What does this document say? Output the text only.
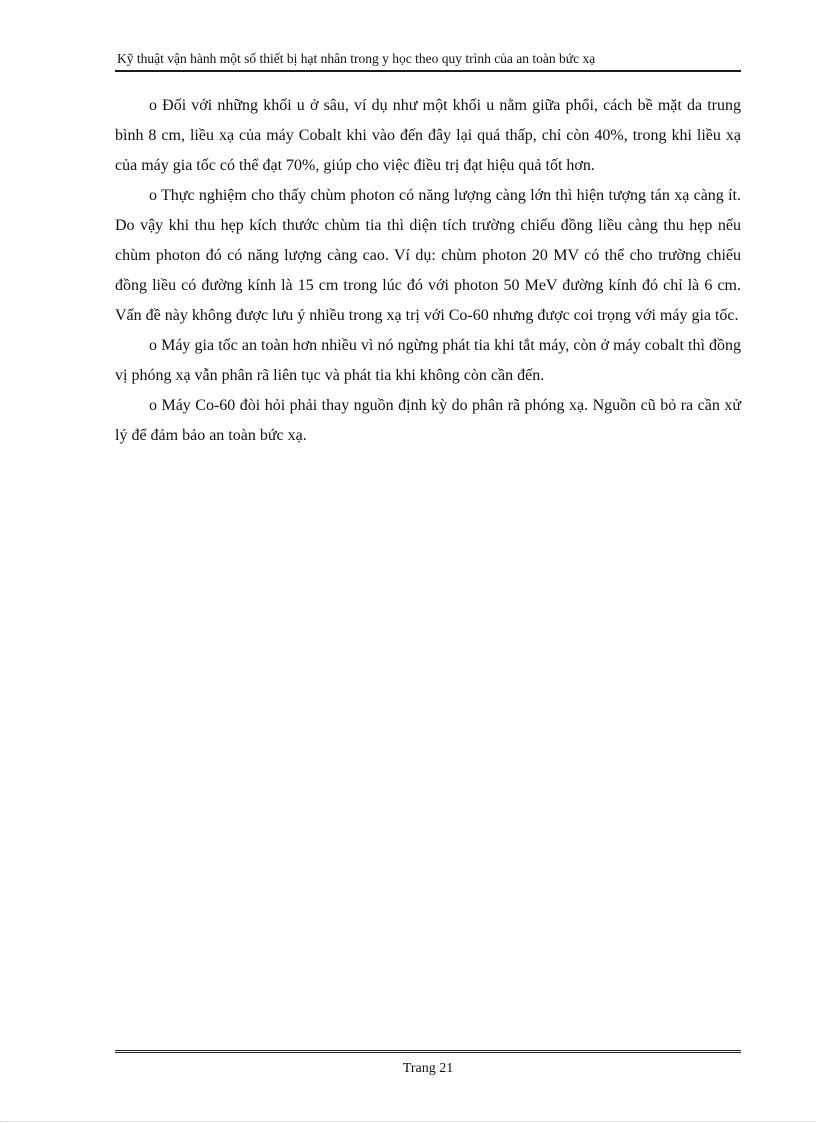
Kỹ thuật vận hành một số thiết bị hạt nhân trong y học theo quy trình của an toàn bức xạ

o Đối với những khối u ở sâu, ví dụ như một khối u nằm giữa phổi, cách bề mặt da trung bình 8 cm, liều xạ của máy Cobalt khi vào đến đây lại quá thấp, chỉ còn 40%, trong khi liều xạ của máy gia tốc có thể đạt 70%, giúp cho việc điều trị đạt hiệu quả tốt hơn.

o Thực nghiệm cho thấy chùm photon có năng lượng càng lớn thì hiện tượng tán xạ càng ít. Do vậy khi thu hẹp kích thước chùm tia thì diện tích trường chiếu đồng liều càng thu hẹp nếu chùm photon đó có năng lượng càng cao. Ví dụ: chùm photon 20 MV có thể cho trường chiếu đồng liều có đường kính là 15 cm trong lúc đó với photon 50 MeV đường kính đó chỉ là 6 cm. Vấn đề này không được lưu ý nhiều trong xạ trị với Co-60 nhưng được coi trọng với máy gia tốc.

o Máy gia tốc an toàn hơn nhiều vì nó ngừng phát tia khi tắt máy, còn ở máy cobalt thì đồng vị phóng xạ vẫn phân rã liên tục và phát tia khi không còn cần đến.

o Máy Co-60 đòi hỏi phải thay nguồn định kỳ do phân rã phóng xạ. Nguồn cũ bỏ ra cần xử lý để đảm bảo an toàn bức xạ.

Trang 21
